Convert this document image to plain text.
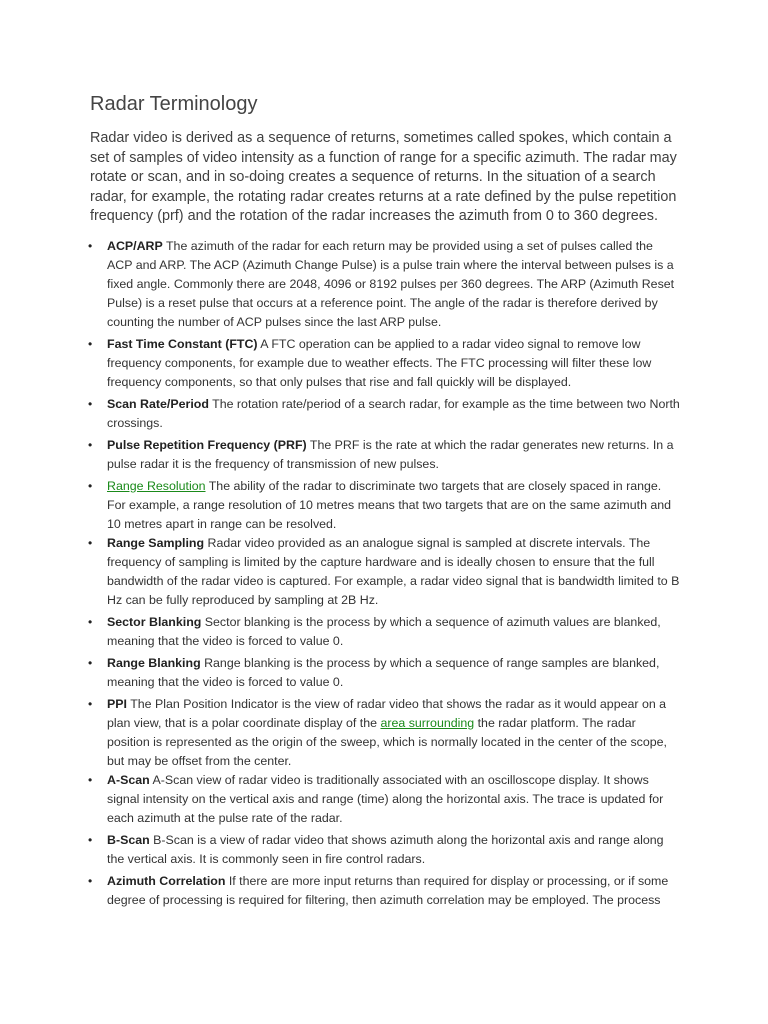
Radar Terminology

Radar video is derived as a sequence of returns, sometimes called spokes, which contain a set of samples of video intensity as a function of range for a specific azimuth. The radar may rotate or scan, and in so-doing creates a sequence of returns. In the situation of a search radar, for example, the rotating radar creates returns at a rate defined by the pulse repetition frequency (prf) and the rotation of the radar increases the azimuth from 0 to 360 degrees.

• ACP/ARP The azimuth of the radar for each return may be provided using a set of pulses called the ACP and ARP. The ACP (Azimuth Change Pulse) is a pulse train where the interval between pulses is a fixed angle. Commonly there are 2048, 4096 or 8192 pulses per 360 degrees. The ARP (Azimuth Reset Pulse) is a reset pulse that occurs at a reference point. The angle of the radar is therefore derived by counting the number of ACP pulses since the last ARP pulse.
• Fast Time Constant (FTC) A FTC operation can be applied to a radar video signal to remove low frequency components, for example due to weather effects. The FTC processing will filter these low frequency components, so that only pulses that rise and fall quickly will be displayed.
• Scan Rate/Period The rotation rate/period of a search radar, for example as the time between two North crossings.
• Pulse Repetition Frequency (PRF) The PRF is the rate at which the radar generates new returns. In a pulse radar it is the frequency of transmission of new pulses.
• Range Resolution The ability of the radar to discriminate two targets that are closely spaced in range. For example, a range resolution of 10 metres means that two targets that are on the same azimuth and 10 metres apart in range can be resolved.
• Range Sampling Radar video provided as an analogue signal is sampled at discrete intervals. The frequency of sampling is limited by the capture hardware and is ideally chosen to ensure that the full bandwidth of the radar video is captured. For example, a radar video signal that is bandwidth limited to B Hz can be fully reproduced by sampling at 2B Hz.
• Sector Blanking Sector blanking is the process by which a sequence of azimuth values are blanked, meaning that the video is forced to value 0.
• Range Blanking Range blanking is the process by which a sequence of range samples are blanked, meaning that the video is forced to value 0.
• PPI The Plan Position Indicator is the view of radar video that shows the radar as it would appear on a plan view, that is a polar coordinate display of the area surrounding the radar platform. The radar position is represented as the origin of the sweep, which is normally located in the center of the scope, but may be offset from the center.
• A-Scan A-Scan view of radar video is traditionally associated with an oscilloscope display. It shows signal intensity on the vertical axis and range (time) along the horizontal axis. The trace is updated for each azimuth at the pulse rate of the radar.
• B-Scan B-Scan is a view of radar video that shows azimuth along the horizontal axis and range along the vertical axis. It is commonly seen in fire control radars.
• Azimuth Correlation If there are more input returns than required for display or processing, or if some degree of processing is required for filtering, then azimuth correlation may be employed. The process
